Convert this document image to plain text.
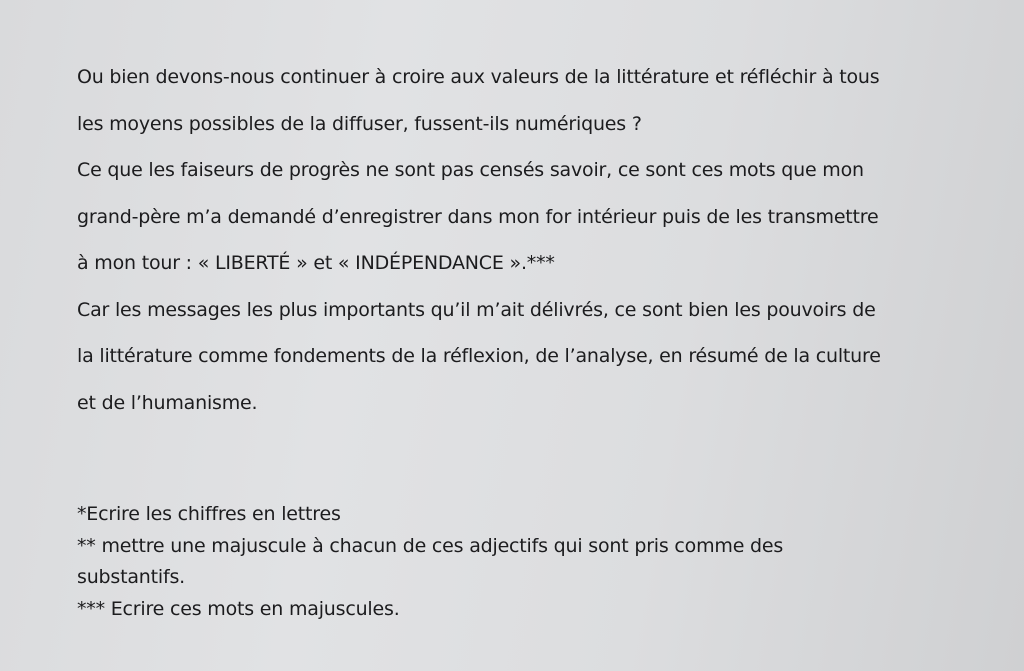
Ou bien devons-nous continuer à croire aux valeurs de la littérature et réfléchir à tous
les moyens possibles de la diffuser, fussent-ils numériques ?
Ce que les faiseurs de progrès ne sont pas censés savoir, ce sont ces mots que mon
grand-père m’a demandé d’enregistrer dans mon for intérieur puis de les transmettre
à mon tour : « LIBERTÉ » et « INDÉPENDANCE ».***
Car les messages les plus importants qu’il m’ait délivrés, ce sont bien les pouvoirs de
la littérature comme fondements de la réflexion, de l’analyse, en résumé de la culture
et de l’humanisme.
*Ecrire les chiffres en lettres
** mettre une majuscule à chacun de ces adjectifs qui sont pris comme des
substantifs.
*** Ecrire ces mots en majuscules.
